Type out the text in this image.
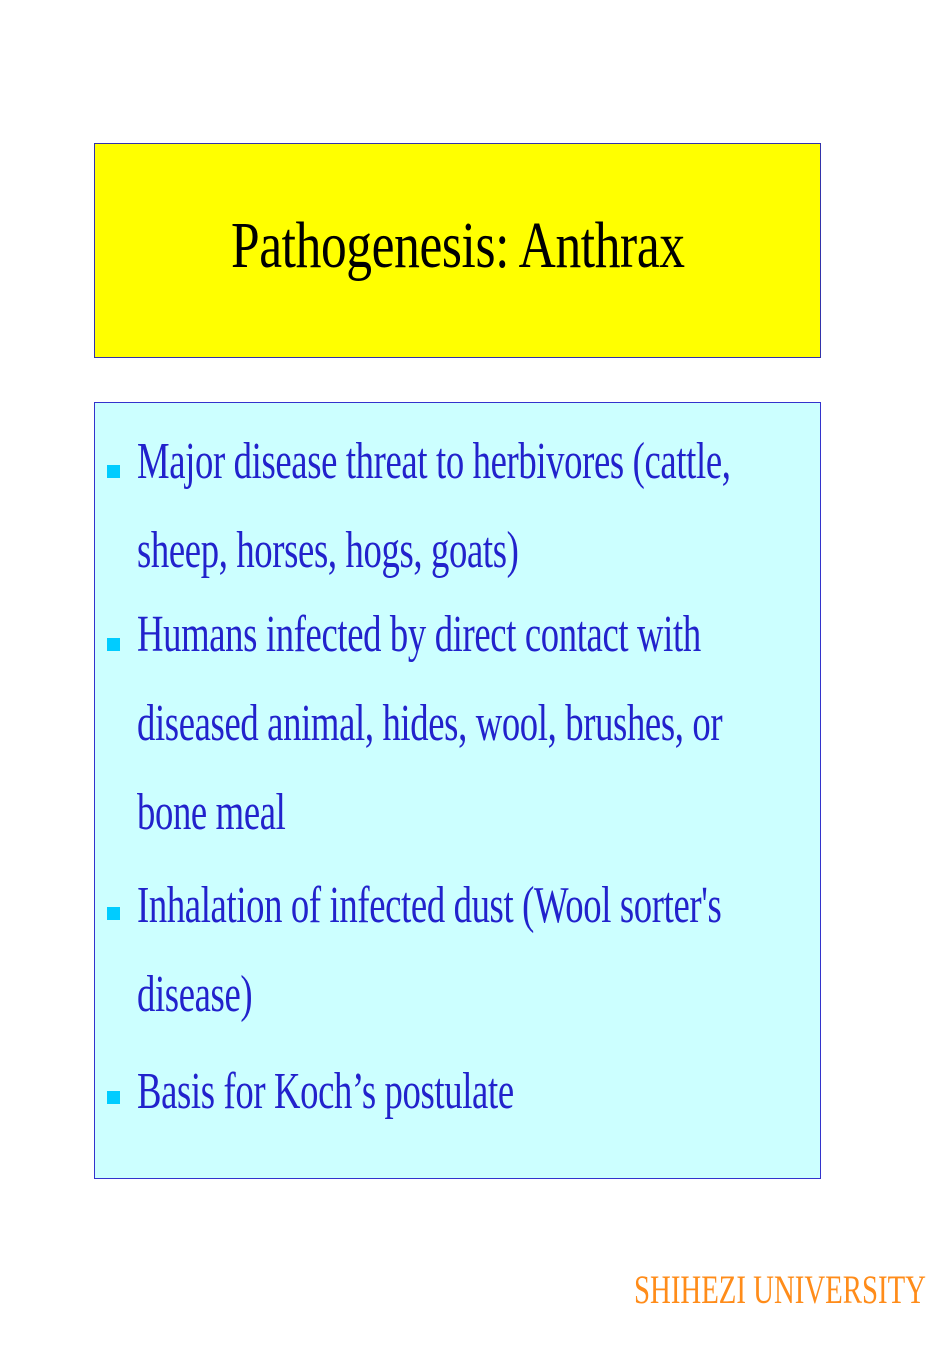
Pathogenesis: Anthrax
Major disease threat to herbivores (cattle,
sheep, horses, hogs, goats)
Humans infected by direct contact with
diseased animal, hides, wool, brushes, or
bone meal
Inhalation of infected dust (Wool sorter's
disease)
Basis for Koch’s postulate
SHIHEZI UNIVERSITY
